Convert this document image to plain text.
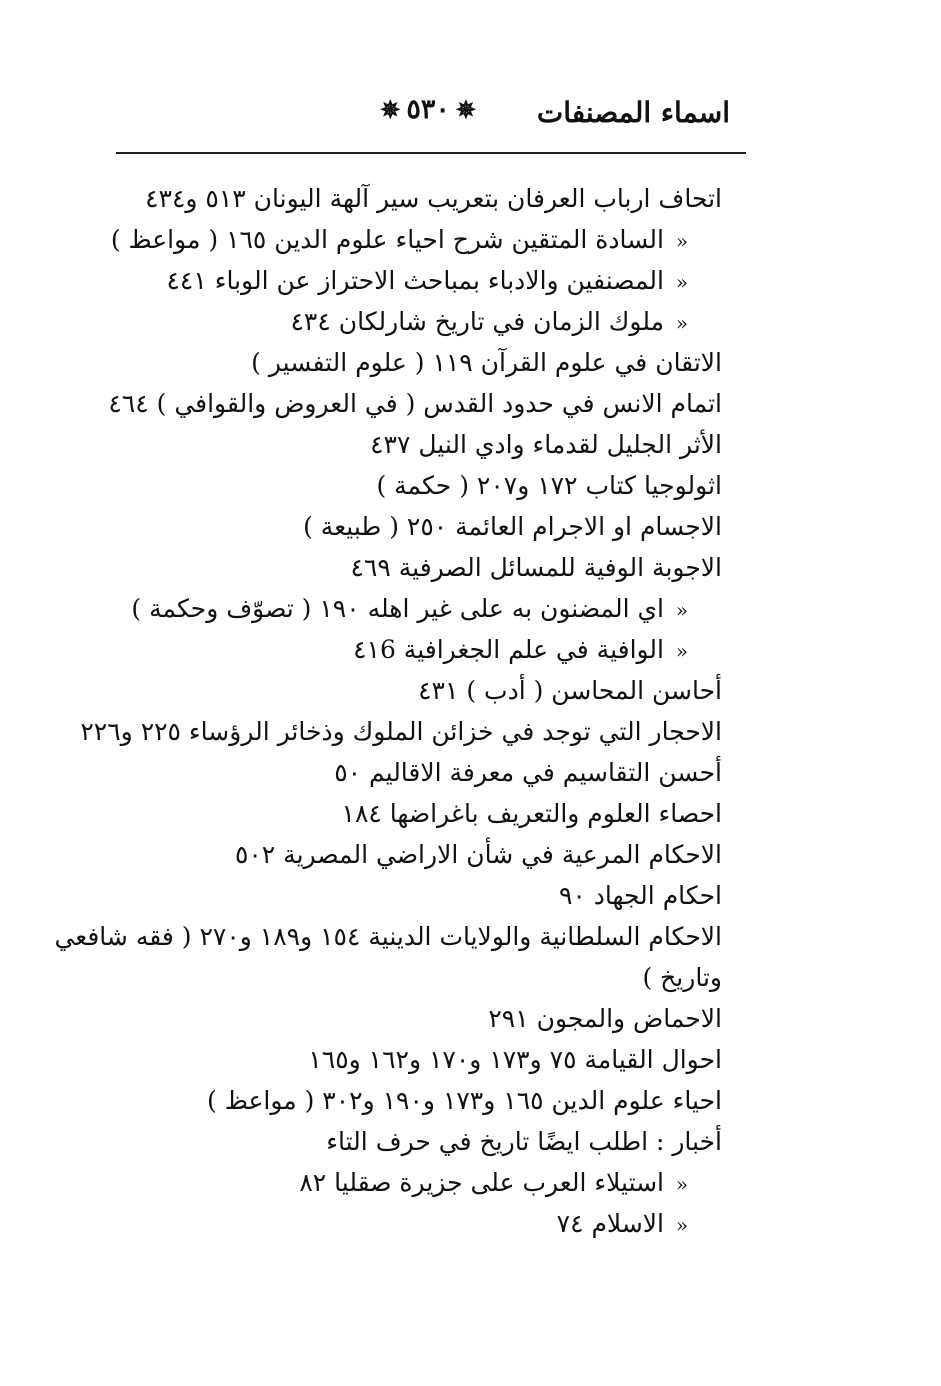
اسماء المصنفات
✵٥٣٠✵
اتحاف ارباب العرفان بتعريب سير آلهة اليونان ٥١٣ و٤٣٤
«السادة المتقين شرح احياء علوم الدين ١٦٥ ( مواعظ )
«المصنفين والادباء بمباحث الاحتراز عن الوباء ٤٤١
«ملوك الزمان في تاريخ شارلكان ٤٣٤
الاتقان في علوم القرآن ١١٩ ( علوم التفسير )
اتمام الانس في حدود القدس ( في العروض والقوافي ) ٤٦٤
الأثر الجليل لقدماء وادي النيل ٤٣٧
اثولوجيا كتاب ١٧٢ و٢٠٧ ( حكمة )
الاجسام او الاجرام العائمة ٢٥٠ ( طبيعة )
الاجوبة الوفية للمسائل الصرفية ٤٦٩
«اي المضنون به على غير اهله ١٩٠ ( تصوّف وحكمة )
«الوافية في علم الجغرافية ٤١6
أحاسن المحاسن ( أدب ) ٤٣١
الاحجار التي توجد في خزائن الملوك وذخائر الرؤساء ٢٢٥ و٢٢٦
أحسن التقاسيم في معرفة الاقاليم ٥٠
احصاء العلوم والتعريف باغراضها ١٨٤
الاحكام المرعية في شأن الاراضي المصرية ٥٠٢
احكام الجهاد ٩٠
الاحكام السلطانية والولايات الدينية ١٥٤ و١٨٩ و٢٧٠ ( فقه شافعي
وتاريخ )
الاحماض والمجون ٢٩١
احوال القيامة ٧٥ و١٧٣ و١٧٠ و١٦٢ و١٦٥
احياء علوم الدين ١٦٥ و١٧٣ و١٩٠ و٣٠٢ ( مواعظ )
أخبار : اطلب ايضًا تاريخ في حرف التاء
«استيلاء العرب على جزيرة صقليا ٨٢
«الاسلام ٧٤
